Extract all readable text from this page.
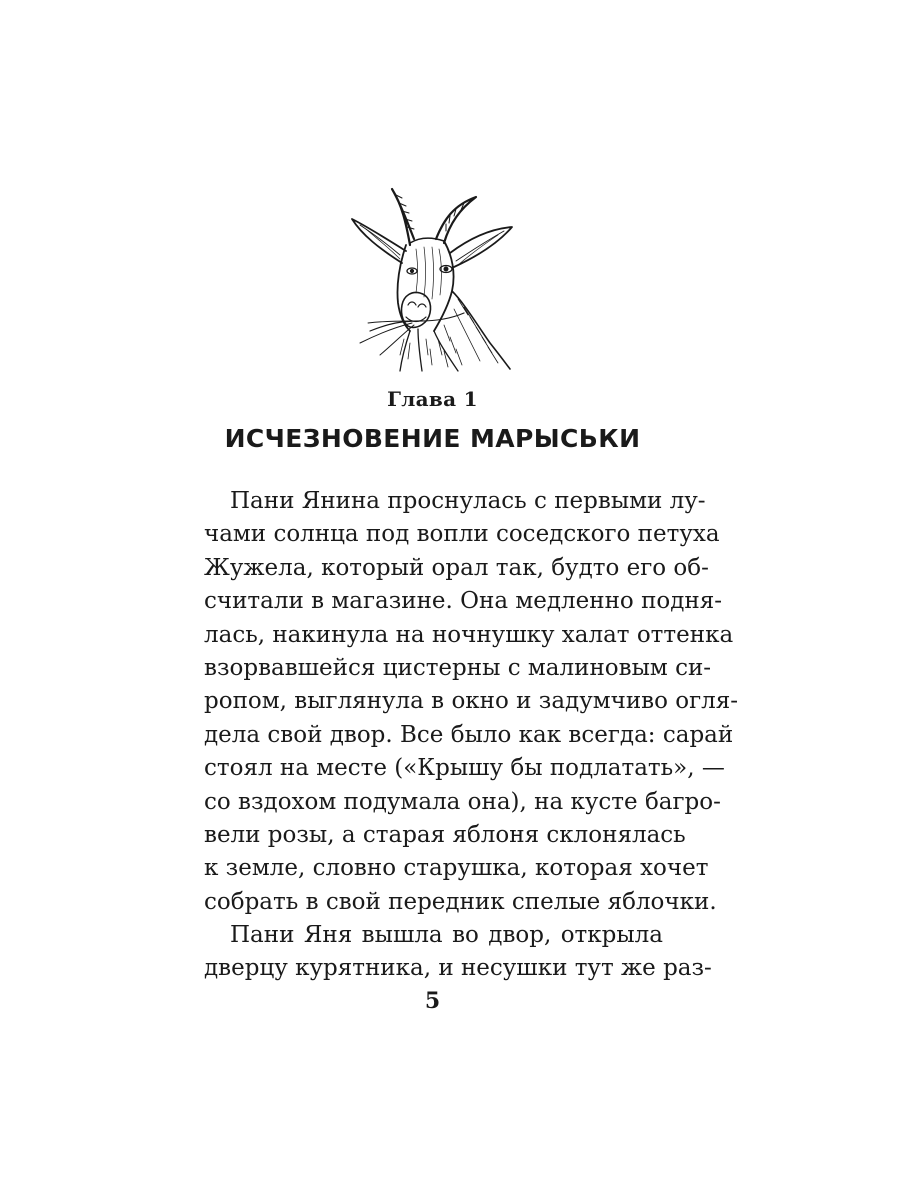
Глава 1
ИСЧЕЗНОВЕНИЕ МАРЫСЬКИ
Пани Янина проснулась с первыми лу-
чами солнца под вопли соседского петуха
Жужела, который орал так, будто его об-
считали в магазине. Она медленно подня-
лась, накинула на ночнушку халат оттенка
взорвавшейся цистерны с малиновым си-
ропом, выглянула в окно и задумчиво огля-
дела свой двор. Все было как всегда: сарай
стоял на месте («Крышу бы подлатать», —
со вздохом подумала она), на кусте багро-
вели розы, а старая яблоня склонялась
к земле, словно старушка, которая хочет
собрать в свой передник спелые яблочки.
Пани Яня вышла во двор, открыла
дверцу курятника, и несушки тут же раз-
5
